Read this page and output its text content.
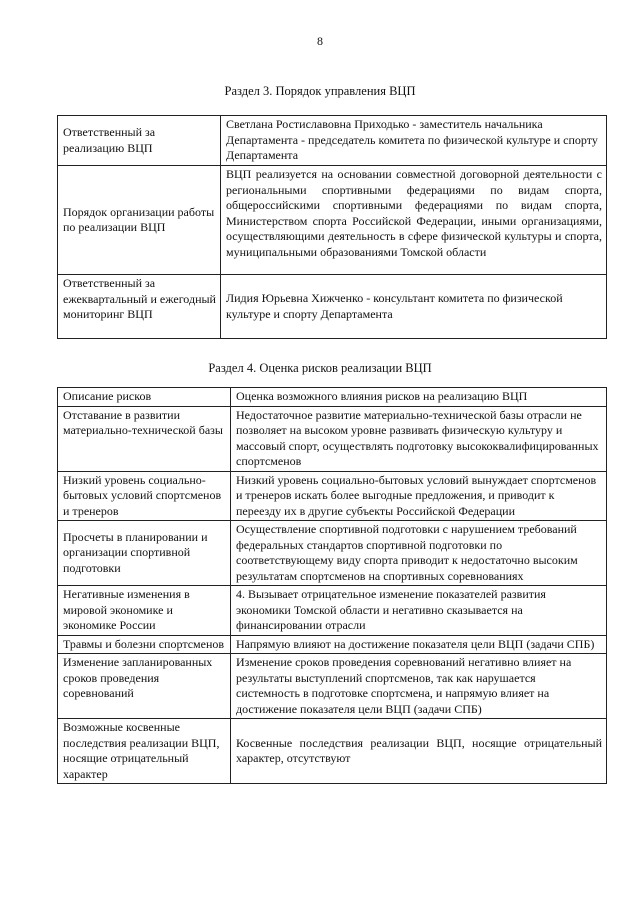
8
Раздел 3. Порядок управления ВЦП
Ответственный за реализацию ВЦП	Светлана Ростиславовна Приходько - заместитель начальника Департамента - председатель комитета по физической культуре и спорту Департамента
Порядок организации работы по реализации ВЦП	ВЦП реализуется на основании совместной договорной деятельности с региональными спортивными федерациями по видам спорта, общероссийскими спортивными федерациями по видам спорта, Министерством спорта Российской Федерации, иными организациями, осуществляющими деятельность в сфере физической культуры и спорта, муниципальными образованиями Томской области
Ответственный за ежеквартальный и ежегодный мониторинг ВЦП	Лидия Юрьевна Хижченко - консультант комитета по физической культуре и спорту Департамента
Раздел 4. Оценка рисков реализации ВЦП
Описание рисков	Оценка возможного влияния рисков на реализацию ВЦП
Отставание в развитии материально-технической базы	Недостаточное развитие материально-технической базы отрасли не позволяет на высоком уровне развивать физическую культуру и массовый спорт, осуществлять подготовку высококвалифицированных спортсменов
Низкий уровень социально-бытовых условий спортсменов и тренеров	Низкий уровень социально-бытовых условий вынуждает спортсменов и тренеров искать более выгодные предложения, и приводит к переезду их в другие субъекты Российской Федерации
Просчеты в планировании и организации спортивной подготовки	Осуществление спортивной подготовки с нарушением требований федеральных стандартов спортивной подготовки по соответствующему виду спорта приводит к недостаточно высоким результатам спортсменов на спортивных соревнованиях
Негативные изменения в мировой экономике и экономике России	4. Вызывает отрицательное изменение показателей развития экономики Томской области и негативно сказывается на финансировании отрасли
Травмы и болезни спортсменов	Напрямую влияют на достижение показателя цели ВЦП (задачи СПБ)
Изменение запланированных сроков проведения соревнований	Изменение сроков проведения соревнований негативно влияет на результаты выступлений спортсменов, так как нарушается системность в подготовке спортсмена, и напрямую влияет на достижение показателя цели ВЦП (задачи СПБ)
Возможные косвенные последствия реализации ВЦП, носящие отрицательный характер	Косвенные последствия реализации ВЦП, носящие отрицательный характер, отсутствуют
